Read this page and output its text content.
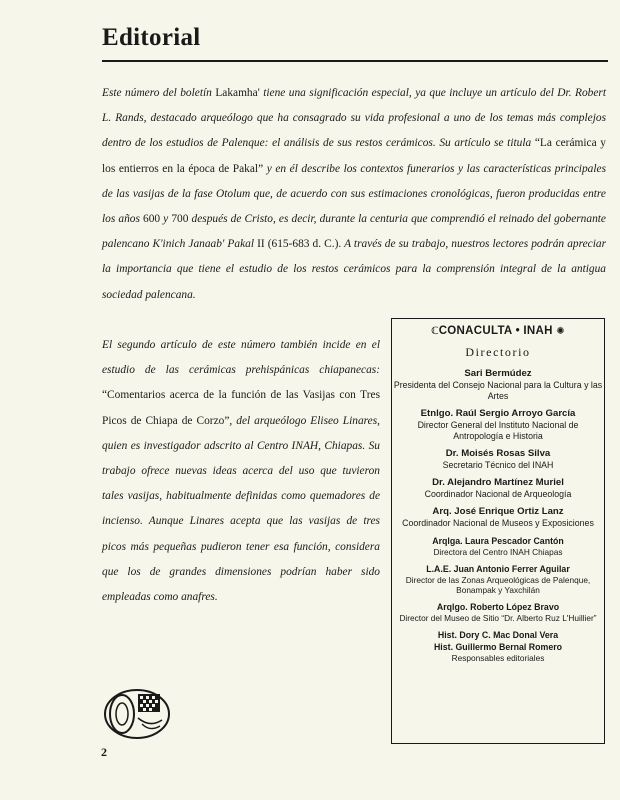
Editorial

Este número del boletín Lakamha' tiene una significación especial, ya que incluye un artículo del Dr. Robert L. Rands, destacado arqueólogo que ha consagrado su vida profesional a uno de los temas más complejos dentro de los estudios de Palenque: el análisis de sus restos cerámicos. Su artículo se titula “La cerámica y los entierros en la época de Pakal” y en él describe los contextos funerarios y las características principales de las vasijas de la fase Otolum que, de acuerdo con sus estimaciones cronológicas, fueron producidas entre los años 600 y 700 después de Cristo, es decir, durante la centuria que comprendió el reinado del gobernante palencano K'inich Janaab' Pakal II (615-683 d. C.). A través de su trabajo, nuestros lectores podrán apreciar la importancia que tiene el estudio de los restos cerámicos para la comprensión integral de la antigua sociedad palencana.

El segundo artículo de este número también incide en el estudio de las cerámicas prehispánicas chiapanecas: “Comentarios acerca de la función de las Vasijas con Tres Picos de Chiapa de Corzo”, del arqueólogo Eliseo Linares, quien es investigador adscrito al Centro INAH, Chiapas. Su trabajo ofrece nuevas ideas acerca del uso que tuvieron tales vasijas, habitualmente definidas como quemadores de incienso. Aunque Linares acepta que las vasijas de tres picos más pequeñas pudieron tener esa función, considera que los de grandes dimensiones podrían haber sido empleadas como anafres.

ℂCONACULTA • INAH ✺
Directorio
Sari Bermúdez
Presidenta del Consejo Nacional para la Cultura y las Artes
Etnlgo. Raúl Sergio Arroyo García
Director General del Instituto Nacional de Antropología e Historia
Dr. Moisés Rosas Silva
Secretario Técnico del INAH
Dr. Alejandro Martínez Muriel
Coordinador Nacional de Arqueología
Arq. José Enrique Ortiz Lanz
Coordinador Nacional de Museos y Exposiciones
Arqlga. Laura Pescador Cantón
Directora del Centro INAH Chiapas
L.A.E. Juan Antonio Ferrer Aguilar
Director de las Zonas Arqueológicas de Palenque, Bonampak y Yaxchilán
Arqlgo. Roberto López Bravo
Director del Museo de Sitio “Dr. Alberto Ruz L'Huillier”
Hist. Dory C. Mac Donal Vera
Hist. Guillermo Bernal Romero
Responsables editoriales
2
